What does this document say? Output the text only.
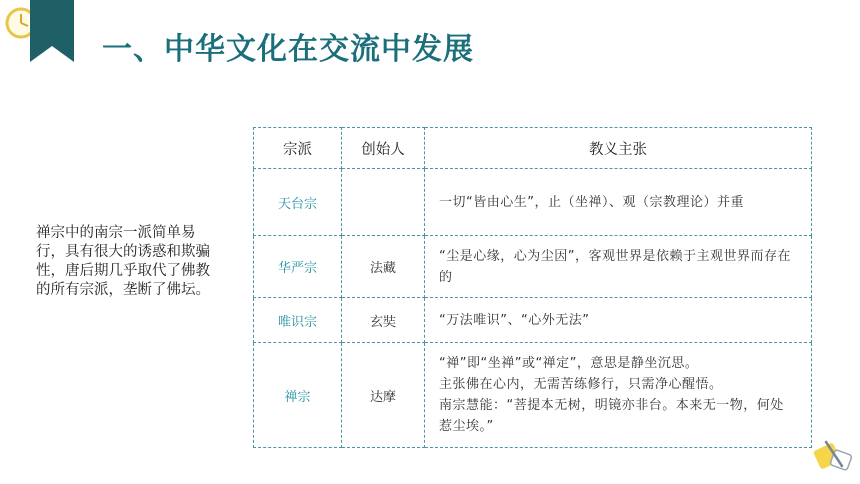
一、中华文化在交流中发展
禅宗中的南宗一派简单易行，具有很大的诱惑和欺骗性，唐后期几乎取代了佛教的所有宗派，垄断了佛坛。
宗派	创始人	教义主张
天台宗		一切“皆由心生”，止（坐禅）、观（宗教理论）并重

华严宗	法藏	“尘是心缘，心为尘因”，客观世界是依赖于主观世界而存在的

唯识宗	玄奘	“万法唯识”、“心外无法”

禅宗	达摩	“禅”即“坐禅”或“禅定”，意思是静坐沉思。
主张佛在心内，无需苦练修行，只需净心醒悟。
南宗慧能：“菩提本无树，明镜亦非台。本来无一物，何处惹尘埃。”
